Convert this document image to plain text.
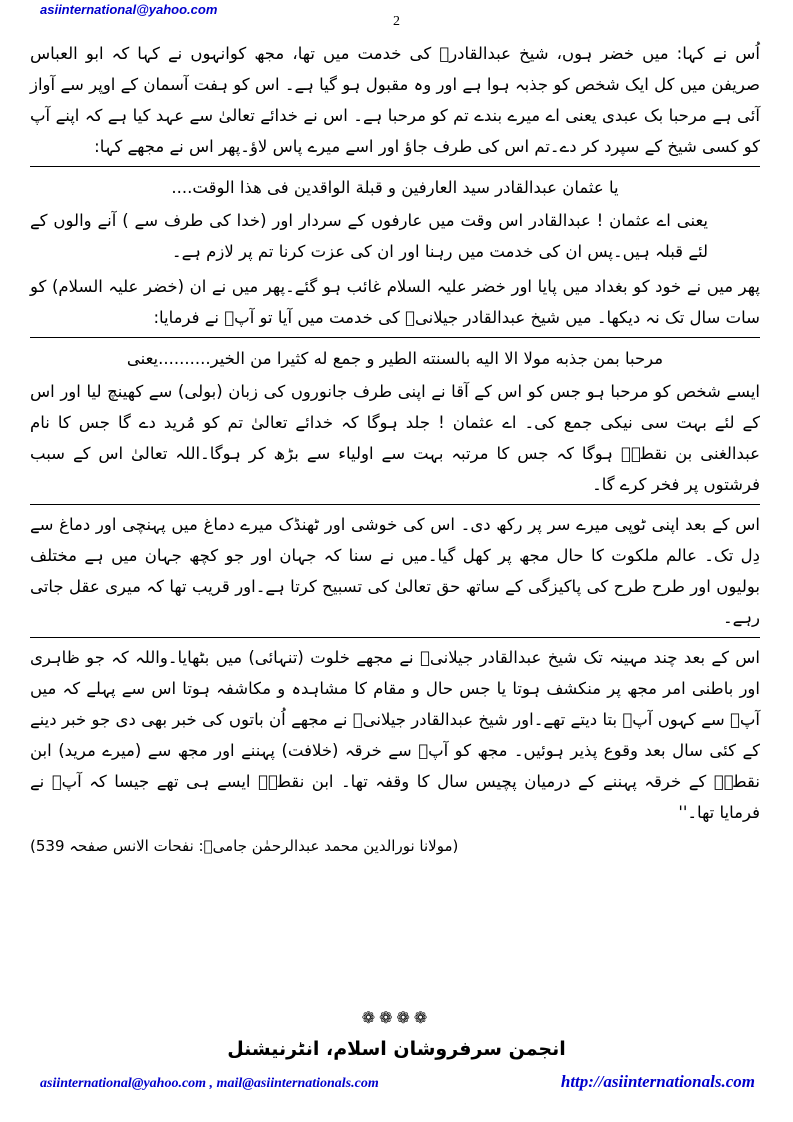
asiinternational@yahoo.com
2

اُس نے کہا: میں خضر ہوں، شیخ عبدالقادرؓ کی خدمت میں تھا، مجھ کوانہوں نے کہا کہ ابو العباس صریفن میں کل ایک شخص کو جذبہ ہوا ہے اور وہ مقبول ہو گیا ہے۔ اس کو ہفت آسمان کے اوپر سے آواز آئی ہے مرحبا بک عبدی یعنی اے میرے بندے تم کو مرحبا ہے۔ اس نے خدائے تعالیٰ سے عہد کیا ہے کہ اپنے آپ کو کسی شیخ کے سپرد کر دے۔تم اس کی طرف جاؤ اور اسے میرے پاس لاؤ۔پھر اس نے مجھے کہا:

یا عثمان عبدالقادر سید العارفین و قبلة الواقدین فی هذا الوقت....

یعنی اے عثمان ! عبدالقادر اس وقت میں عارفوں کے سردار اور (خدا کی طرف سے ) آنے والوں کے لئے قبلہ ہیں۔پس ان کی خدمت میں رہنا اور ان کی عزت کرنا تم پر لازم ہے۔

پھر میں نے خود کو بغداد میں پایا اور خضر علیہ السلام غائب ہو گئے۔پھر میں نے ان (خضر علیہ السلام) کو سات سال تک نہ دیکھا۔ میں شیخ عبدالقادر جیلانیؓ کی خدمت میں آیا تو آپؒ نے فرمایا:

مرحبا بمن جذبه مولا الا الیه بالسنته الطیر و جمع له کثیرا من الخیر..........یعنی

ایسے شخص کو مرحبا ہو جس کو اس کے آقا نے اپنی طرف جانوروں کی زبان (بولی) سے کھینچ لیا اور اس کے لئے بہت سی نیکی جمع کی۔ اے عثمان ! جلد ہوگا کہ خدائے تعالیٰ تم کو مُرید دے گا جس کا نام عبدالغنی بن نقطہؒ ہوگا کہ جس کا مرتبہ بہت سے اولیاء سے بڑھ کر ہوگا۔اللہ تعالیٰ اس کے سبب فرشتوں پر فخر کرے گا۔

اس کے بعد اپنی ٹوپی میرے سر پر رکھ دی۔ اس کی خوشی اور ٹھنڈک میرے دماغ میں پہنچی اور دماغ سے دِل تک۔ عالم ملکوت کا حال مجھ پر کھل گیا۔میں نے سنا کہ جہان اور جو کچھ جہان میں ہے مختلف بولیوں اور طرح طرح کی پاکیزگی کے ساتھ حق تعالیٰ کی تسبیح کرتا ہے۔اور قریب تھا کہ میری عقل جاتی رہے۔

اس کے بعد چند مہینہ تک شیخ عبدالقادر جیلانیؒ نے مجھے خلوت (تنہائی) میں بٹھایا۔واللہ کہ جو ظاہری اور باطنی امر مجھ پر منکشف ہوتا یا جس حال و مقام کا مشاہدہ و مکاشفہ ہوتا اس سے پہلے کہ میں آپؒ سے کہوں آپؒ بتا دیتے تھے۔اور شیخ عبدالقادر جیلانیؒ نے مجھے اُن باتوں کی خبر بھی دی جو خبر دینے کے کئی سال بعد وقوع پذیر ہوئیں۔ مجھ کو آپؒ سے خرقہ (خلافت) پہننے اور مجھ سے (میرے مرید) ابن نقطہؒ کے خرقہ پہننے کے درمیان پچیس سال کا وقفہ تھا۔ ابن نقطہؒ ایسے ہی تھے جیسا کہ آپؒ نے فرمایا تھا۔''

(مولانا نورالدین محمد عبدالرحمٰن جامیؒ: نفحات الانس صفحہ 539)
❁❁❁❁
انجمن سرفروشان اسلام، انٹرنیشنل
asiinternational@yahoo.com , mail@asiinternationals.com	http://asiinternationals.com
